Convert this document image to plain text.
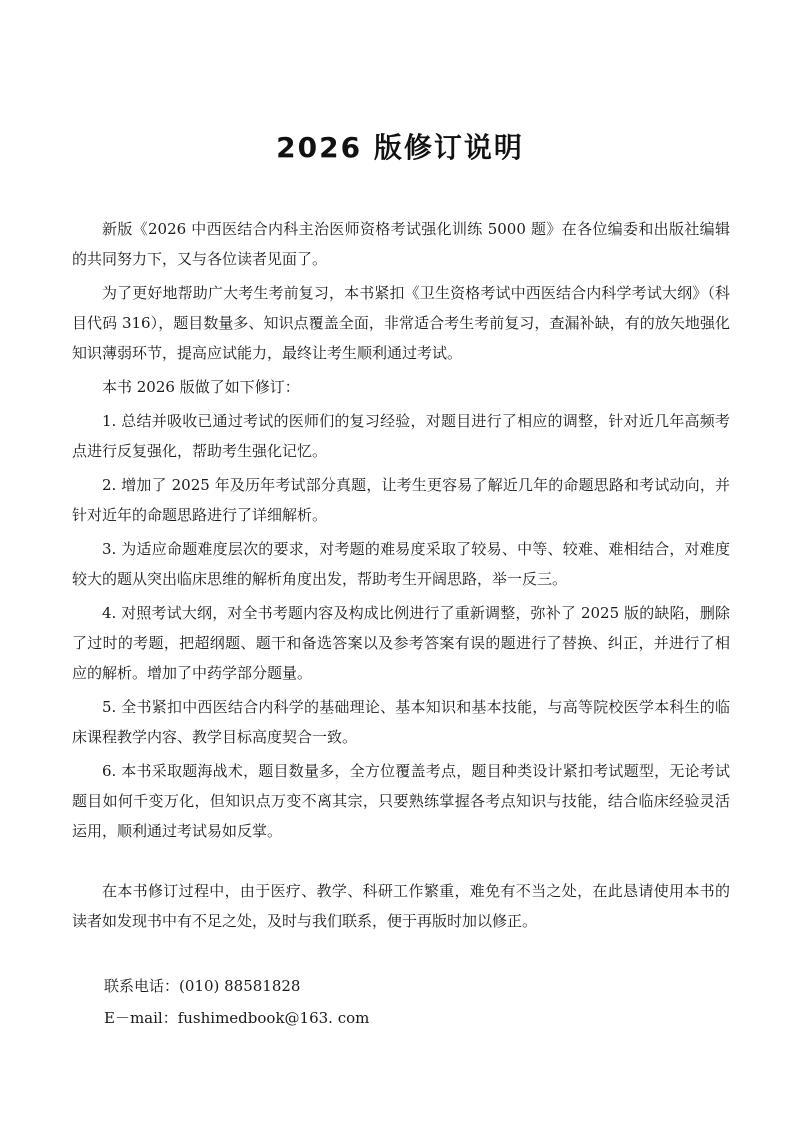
2026 版修订说明

新版《2026 中西医结合内科主治医师资格考试强化训练 5000 题》在各位编委和出版社编辑的共同努力下，又与各位读者见面了。

为了更好地帮助广大考生考前复习，本书紧扣《卫生资格考试中西医结合内科学考试大纲》（科目代码 316），题目数量多、知识点覆盖全面，非常适合考生考前复习，查漏补缺，有的放矢地强化知识薄弱环节，提高应试能力，最终让考生顺利通过考试。

本书 2026 版做了如下修订：

1. 总结并吸收已通过考试的医师们的复习经验，对题目进行了相应的调整，针对近几年高频考点进行反复强化，帮助考生强化记忆。

2. 增加了 2025 年及历年考试部分真题，让考生更容易了解近几年的命题思路和考试动向，并针对近年的命题思路进行了详细解析。

3. 为适应命题难度层次的要求，对考题的难易度采取了较易、中等、较难、难相结合，对难度较大的题从突出临床思维的解析角度出发，帮助考生开阔思路，举一反三。

4. 对照考试大纲，对全书考题内容及构成比例进行了重新调整，弥补了 2025 版的缺陷，删除了过时的考题，把超纲题、题干和备选答案以及参考答案有误的题进行了替换、纠正，并进行了相应的解析。增加了中药学部分题量。

5. 全书紧扣中西医结合内科学的基础理论、基本知识和基本技能，与高等院校医学本科生的临床课程教学内容、教学目标高度契合一致。

6. 本书采取题海战术，题目数量多，全方位覆盖考点，题目种类设计紧扣考试题型，无论考试题目如何千变万化，但知识点万变不离其宗，只要熟练掌握各考点知识与技能，结合临床经验灵活运用，顺利通过考试易如反掌。

在本书修订过程中，由于医疗、教学、科研工作繁重，难免有不当之处，在此恳请使用本书的读者如发现书中有不足之处，及时与我们联系，便于再版时加以修正。

联系电话：(010) 88581828
E－mail：fushimedbook@163. com
